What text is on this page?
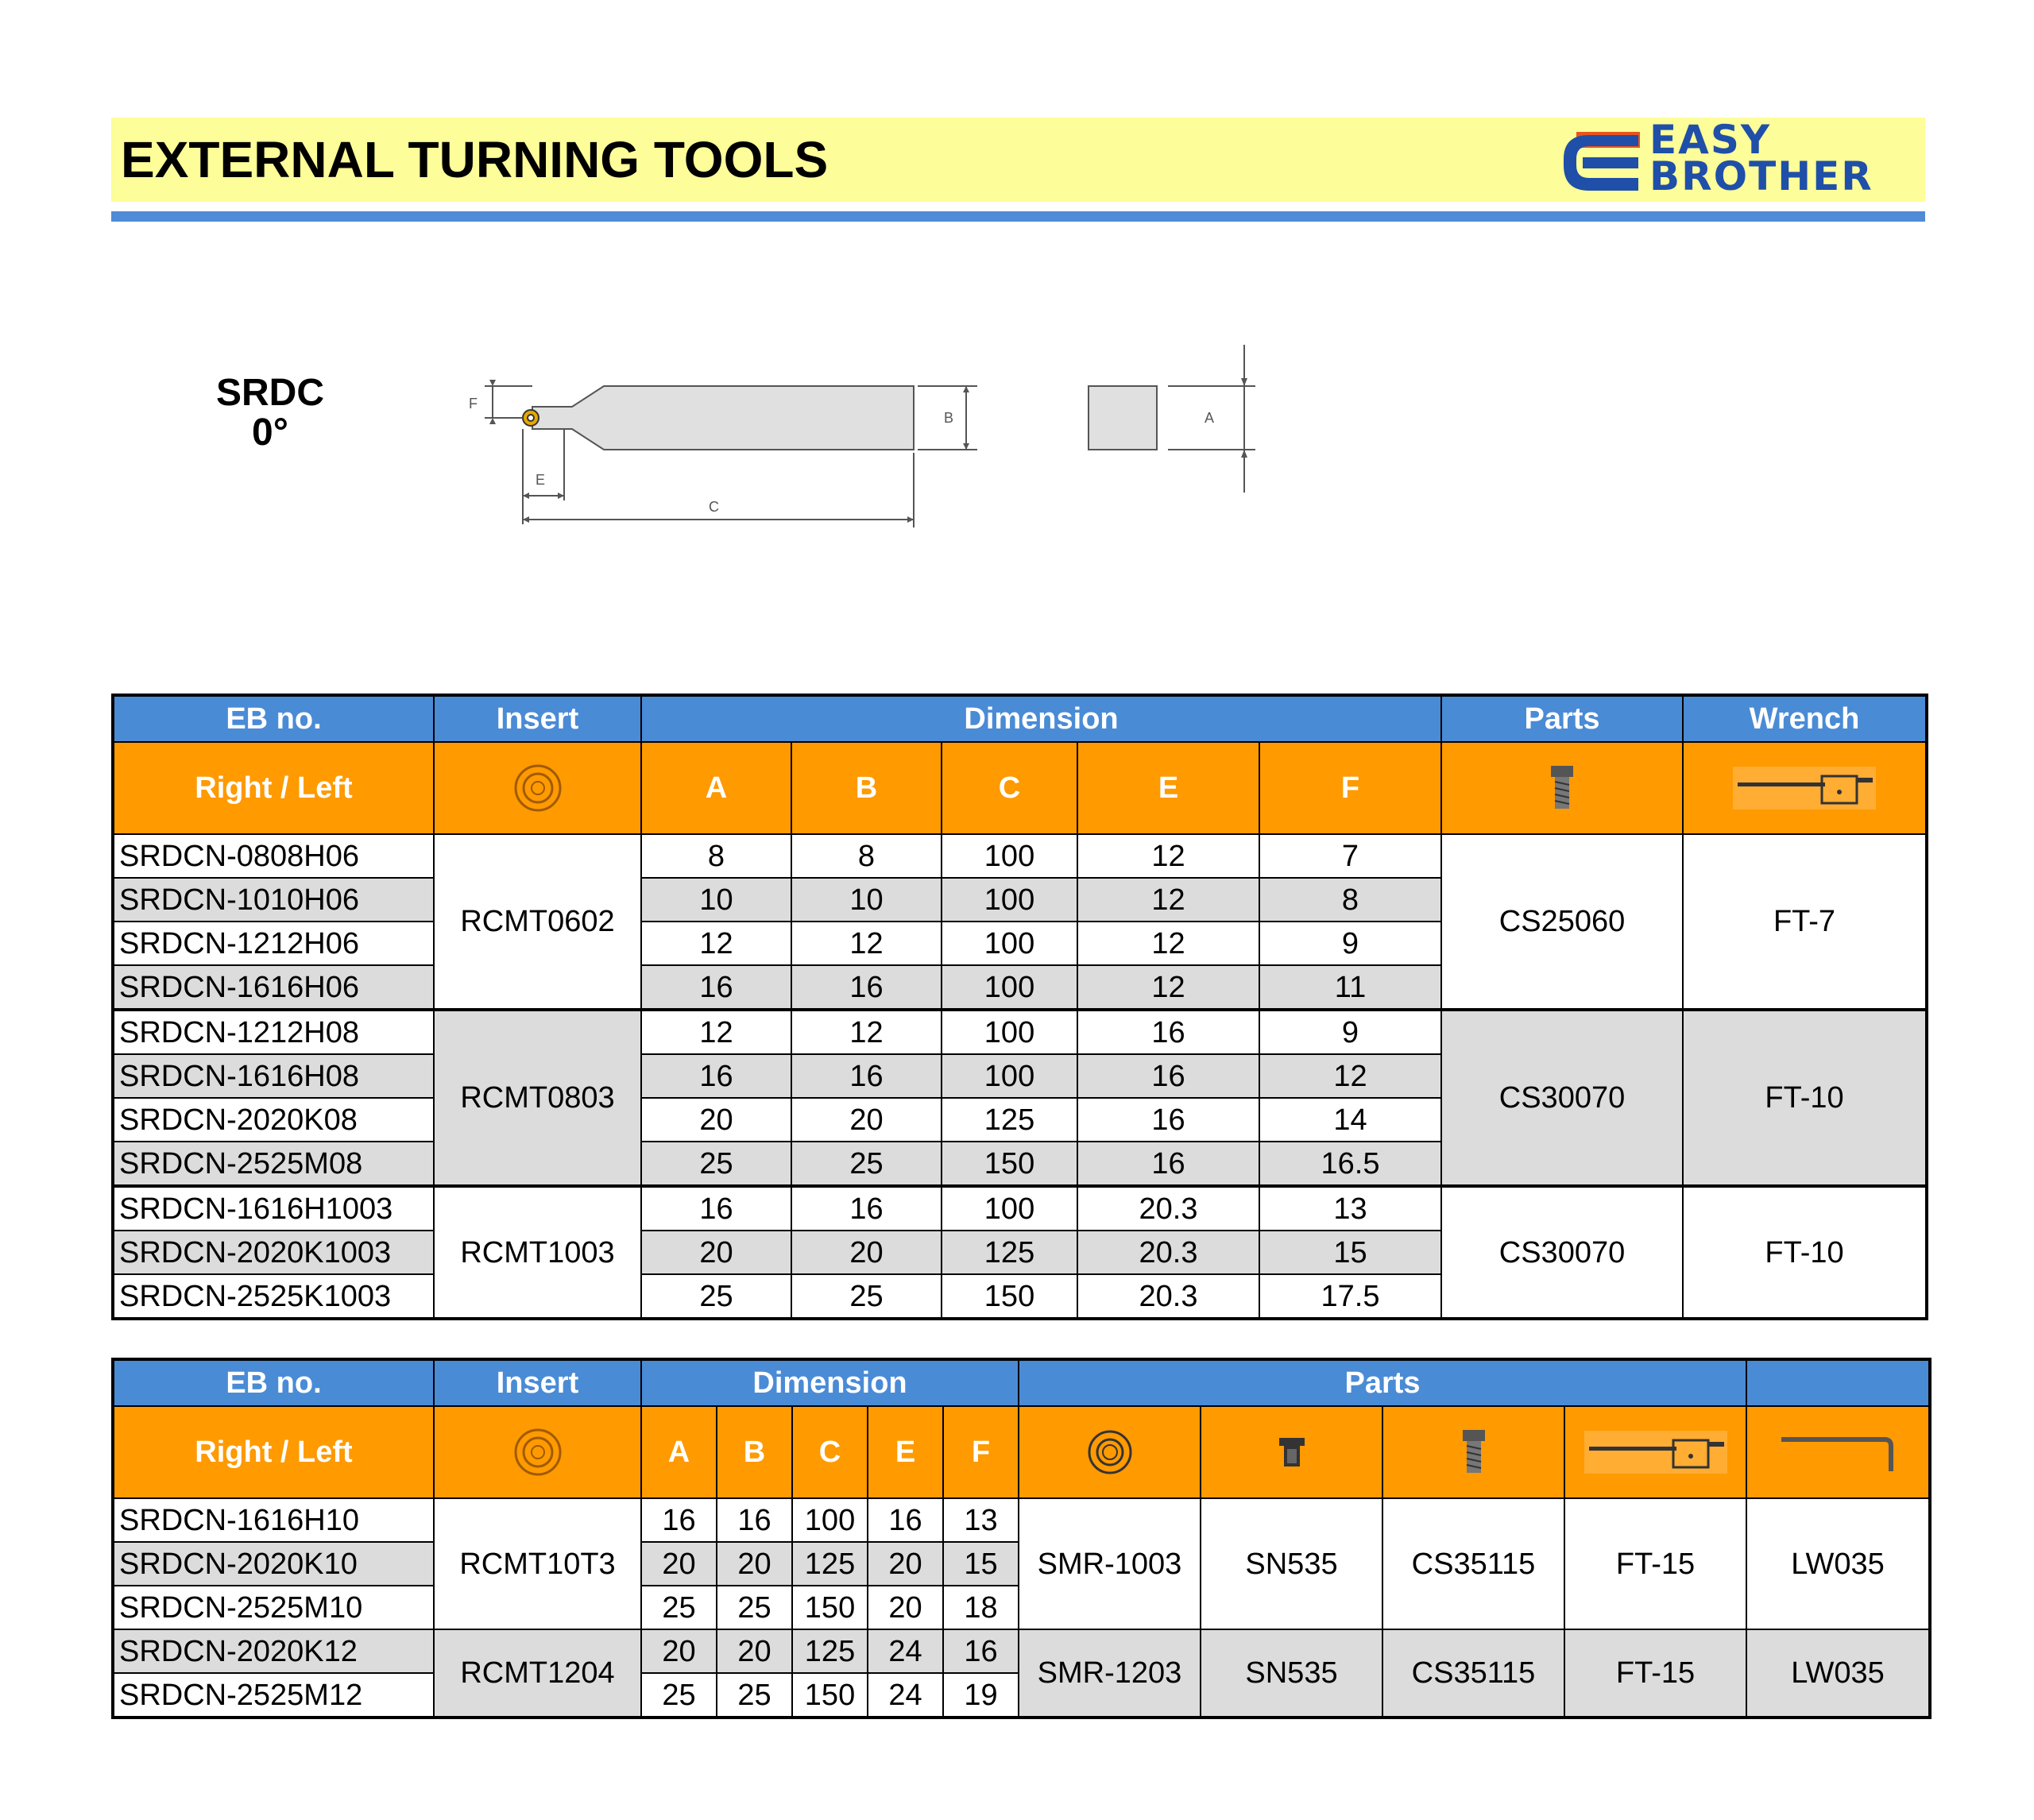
EXTERNAL TURNING TOOLS	EASY
BROTHER
SRDC
0°
F
B
E
C
A
EB no.	Insert	Dimension					Parts	Wrench
Right / Left		A	B	C	E	F	

SRDCN-0808H06	RCMT0602	8	8	100	12	7	CS25060	FT-7
SRDCN-1010H06		10	10	100	12	8		
SRDCN-1212H06		12	12	100	12	9		
SRDCN-1616H06		16	16	100	12	11		
SRDCN-1212H08	RCMT0803	12	12	100	16	9	CS30070	FT-10
SRDCN-1616H08		16	16	100	16	12		
SRDCN-2020K08		20	20	125	16	14		
SRDCN-2525M08		25	25	150	16	16.5		
SRDCN-1616H1003	RCMT1003	16	16	100	20.3	13	CS30070	FT-10
SRDCN-2020K1003		20	20	125	20.3	15		
SRDCN-2525K1003		25	25	150	20.3	17.5		
EB no.	Insert	Dimension					Parts				
Right / Left		A	B	C	E	F	

SRDCN-1616H10	RCMT10T3	16	16	100	16	13	SMR-1003	SN535	CS35115	FT-15	LW035
SRDCN-2020K10		20	20	125	20	15					
SRDCN-2525M10		25	25	150	20	18					
SRDCN-2020K12	RCMT1204	20	20	125	24	16	SMR-1203	SN535	CS35115	FT-15	LW035
SRDCN-2525M12		25	25	150	24	19					
